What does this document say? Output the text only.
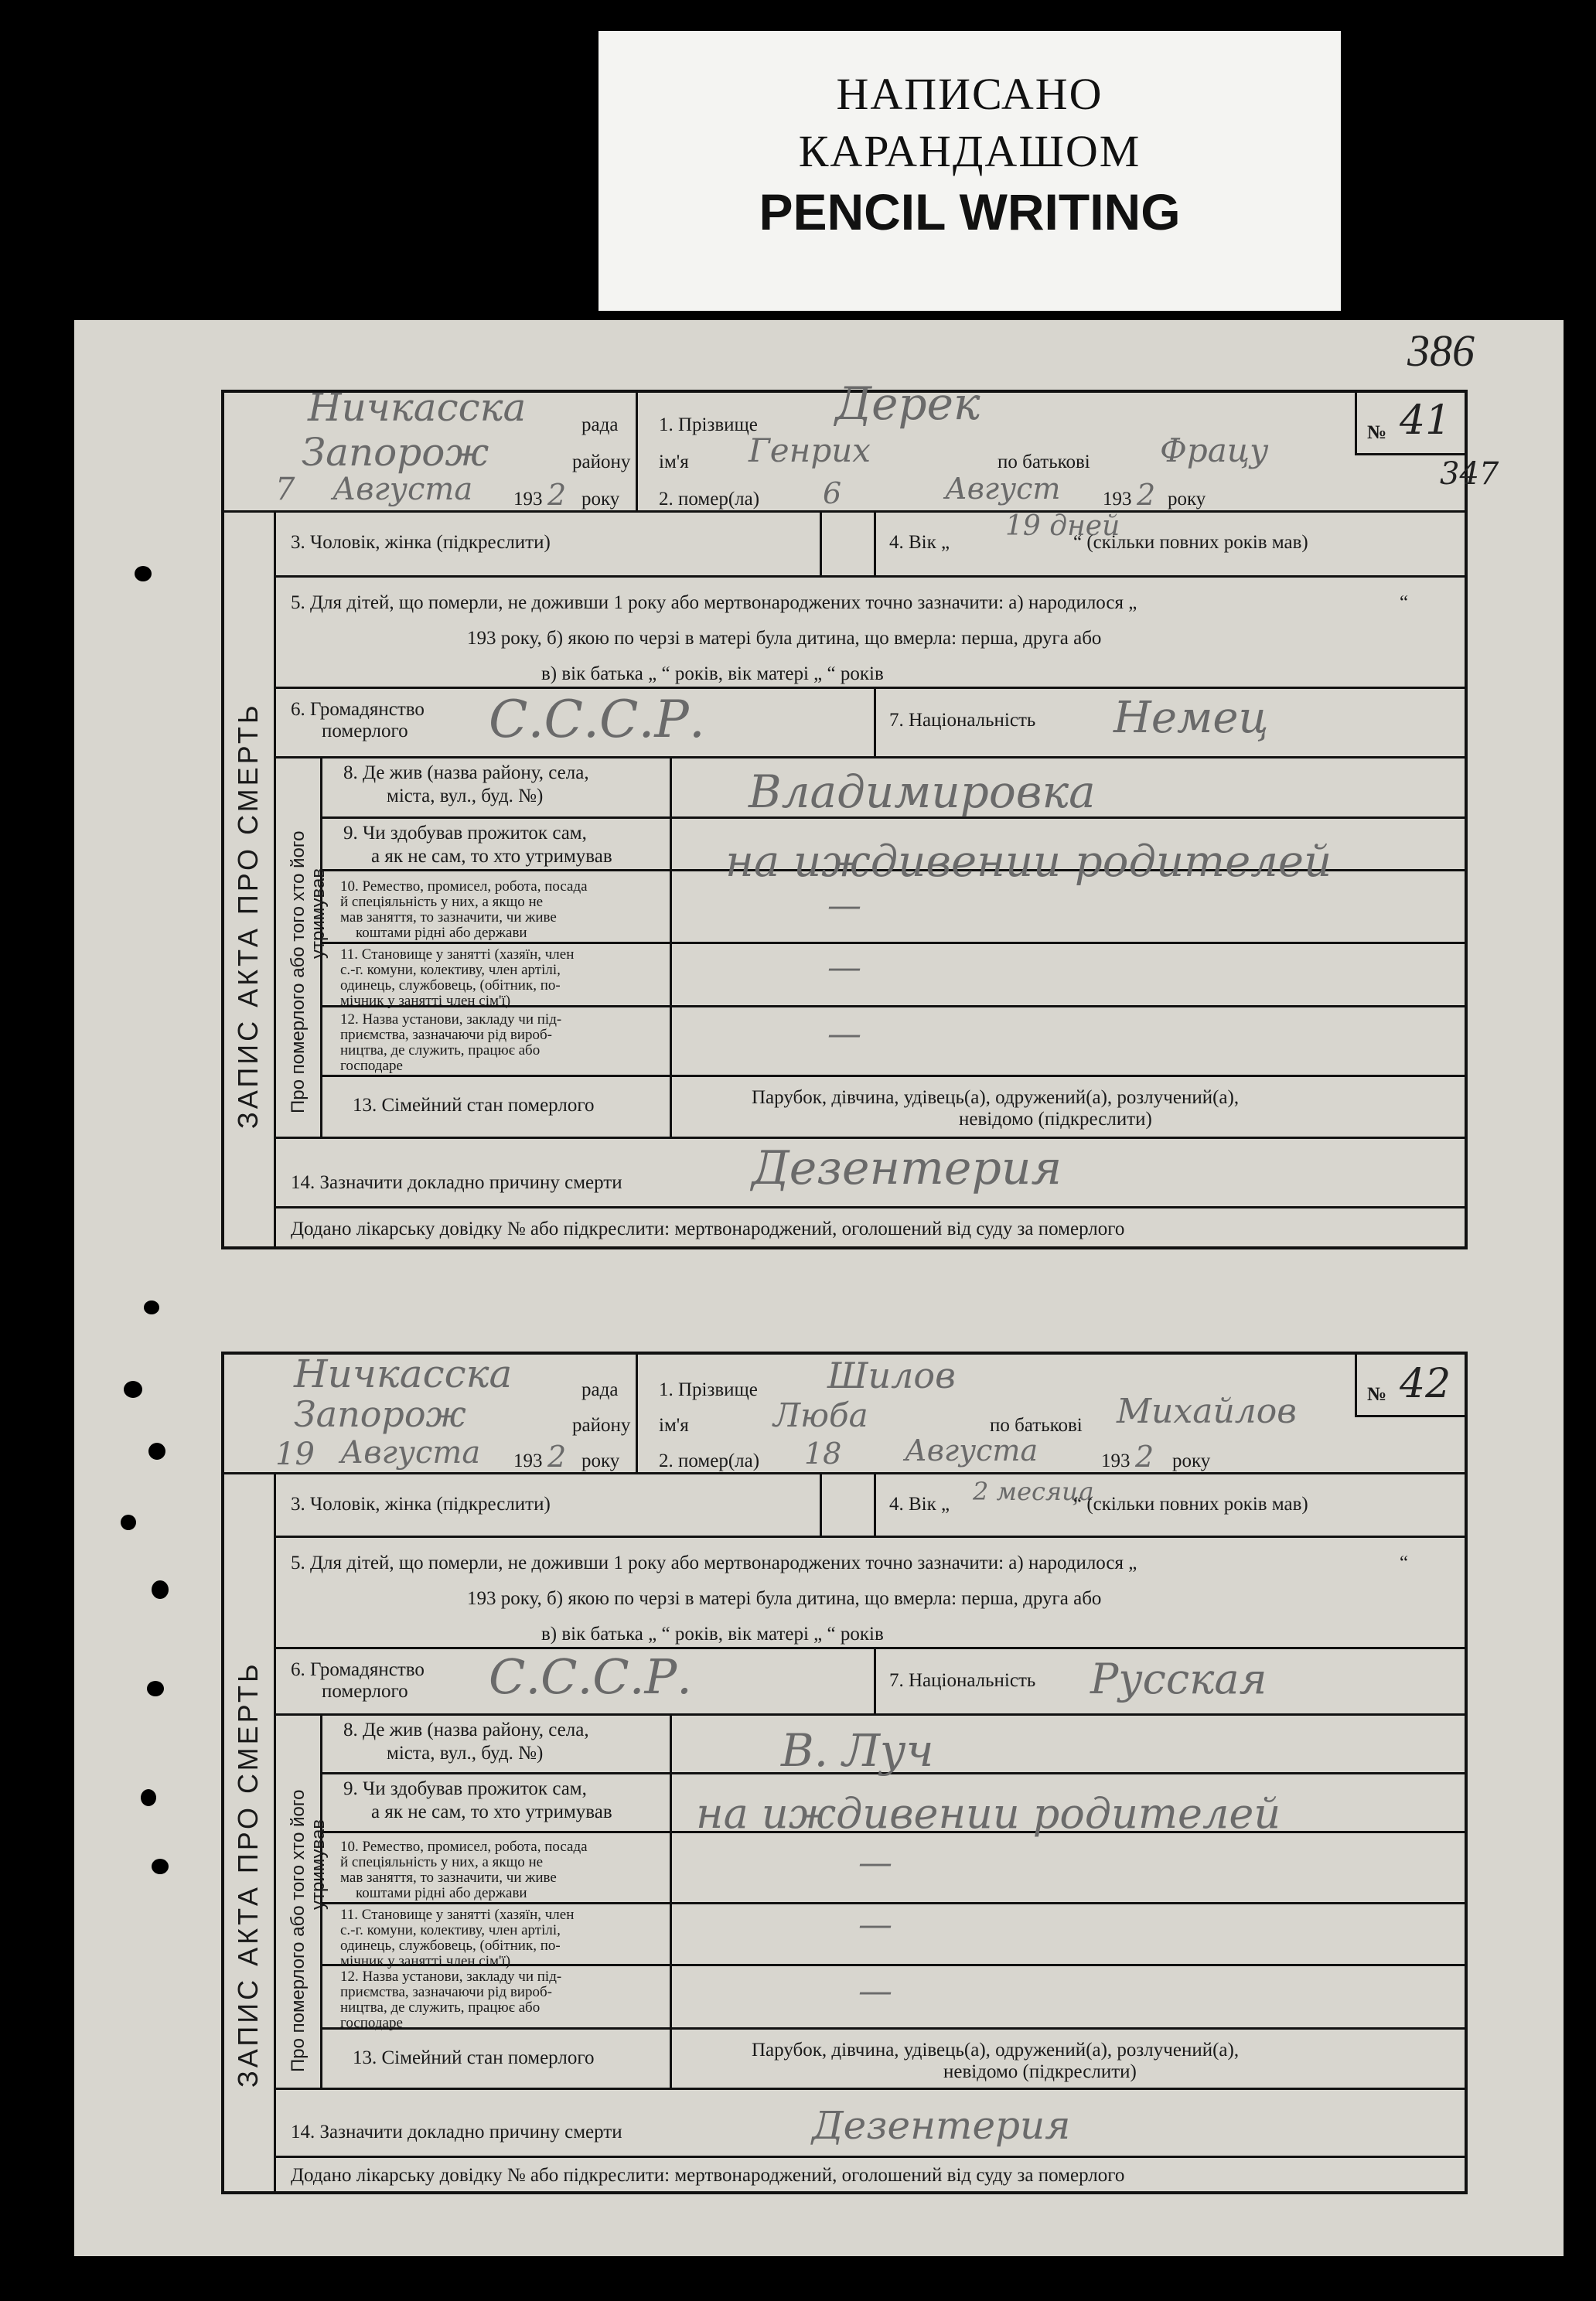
НАПИСАНО
КАРАНДАШОМ
PENCIL WRITING
386
Ничкасска	рада
Запорож	району
7 Августа 193 2 року
1. Прізвище Дерек
ім'я Генрих	по батькові Фрацу
2. помер(ла) 6	Август 193 2 року
№ 41
347
3. Чоловік, жінка (підкреслити)	4. Вік „
19 дней
“ (скільки повних років мав)
5. Для дітей, що померли, не доживши 1 року або мертвонароджених точно зазначити: а) народилося „	“
193 року, б) якою по черзі в матері була дитина, що вмерла: перша, друга або
в) вік батька „ “ років, вік матері „ “ років
6. Громадянство
померлого С.С.С.Р.	7. Національність Немец
ЗАПИС АКТА ПРО СМЕРТЬ Про померлого або того хто його утримував
8. Де жив (назва району, села,
міста, вул., буд. №)	Владимировка
9. Чи здобував прожиток сам,
а як не сам, то хто утримував	на иждивении родителей
10. Ремество, промисел, робота, посада
й спеціяльність у них, а якщо не
мав заняття, то зазначити, чи живе
коштами рідні або держави
—
11. Становище у занятті (хазяїн, член
с.-г. комуни, колективу, член артілі,
одинець, службовець, (обітник, по-
мічник у занятті член сім'ї)
—
12. Назва установи, закладу чи під-
приємства, зазначаючи рід вироб-
ництва, де служить, працює або
господаре
—
13. Сімейний стан померлого	Парубок, дівчина, удівець(а), одружений(а), розлучений(а),
невідомо (підкреслити)
14. Зазначити докладно причину смерти	Дезентерия
Додано лікарську довідку № або підкреслити: мертвонароджений, оголошений від суду за померлого
Ничкасска	рада
Запорож	району
19 Августа 193 2 року
1. Прізвище Шилов
ім'я	Люба	по батькові Михайлов
2. помер(ла) 18 Августа	193 2 року
№ 42
3. Чоловік, жінка (підкреслити)	4. Вік „ 2 месяца
“ (скільки повних років мав)
5. Для дітей, що померли, не доживши 1 року або мертвонароджених точно зазначити: а) народилося „	“
193 року, б) якою по черзі в матері була дитина, що вмерла: перша, друга або
в) вік батька „ “ років, вік матері „ “ років
6. Громадянство
померлого С.С.С.Р.	7. Національність Русская
ЗАПИС АКТА ПРО СМЕРТЬ Про померлого або того хто його утримував
8. Де жив (назва району, села,
міста, вул., буд. №)	В. Луч
9. Чи здобував прожиток сам,
а як не сам, то хто утримував на иждивении родителей
10. Ремество, промисел, робота, посада
й спеціяльність у них, а якщо не
мав заняття, то зазначити, чи живе
коштами рідні або держави
—
11. Становище у занятті (хазяїн, член
с.-г. комуни, колективу, член артілі,
одинець, службовець, (обітник, по-
мічник у занятті член сім'ї)
—
12. Назва установи, закладу чи під-
приємства, зазначаючи рід вироб-
ництва, де служить, працює або
господаре
—
13. Сімейний стан померлого	Парубок, дівчина, удівець(а), одружений(а), розлучений(а),
невідомо (підкреслити)
14. Зазначити докладно причину смерти	Дезентерия
Додано лікарську довідку № або підкреслити: мертвонароджений, оголошений від суду за померлого
